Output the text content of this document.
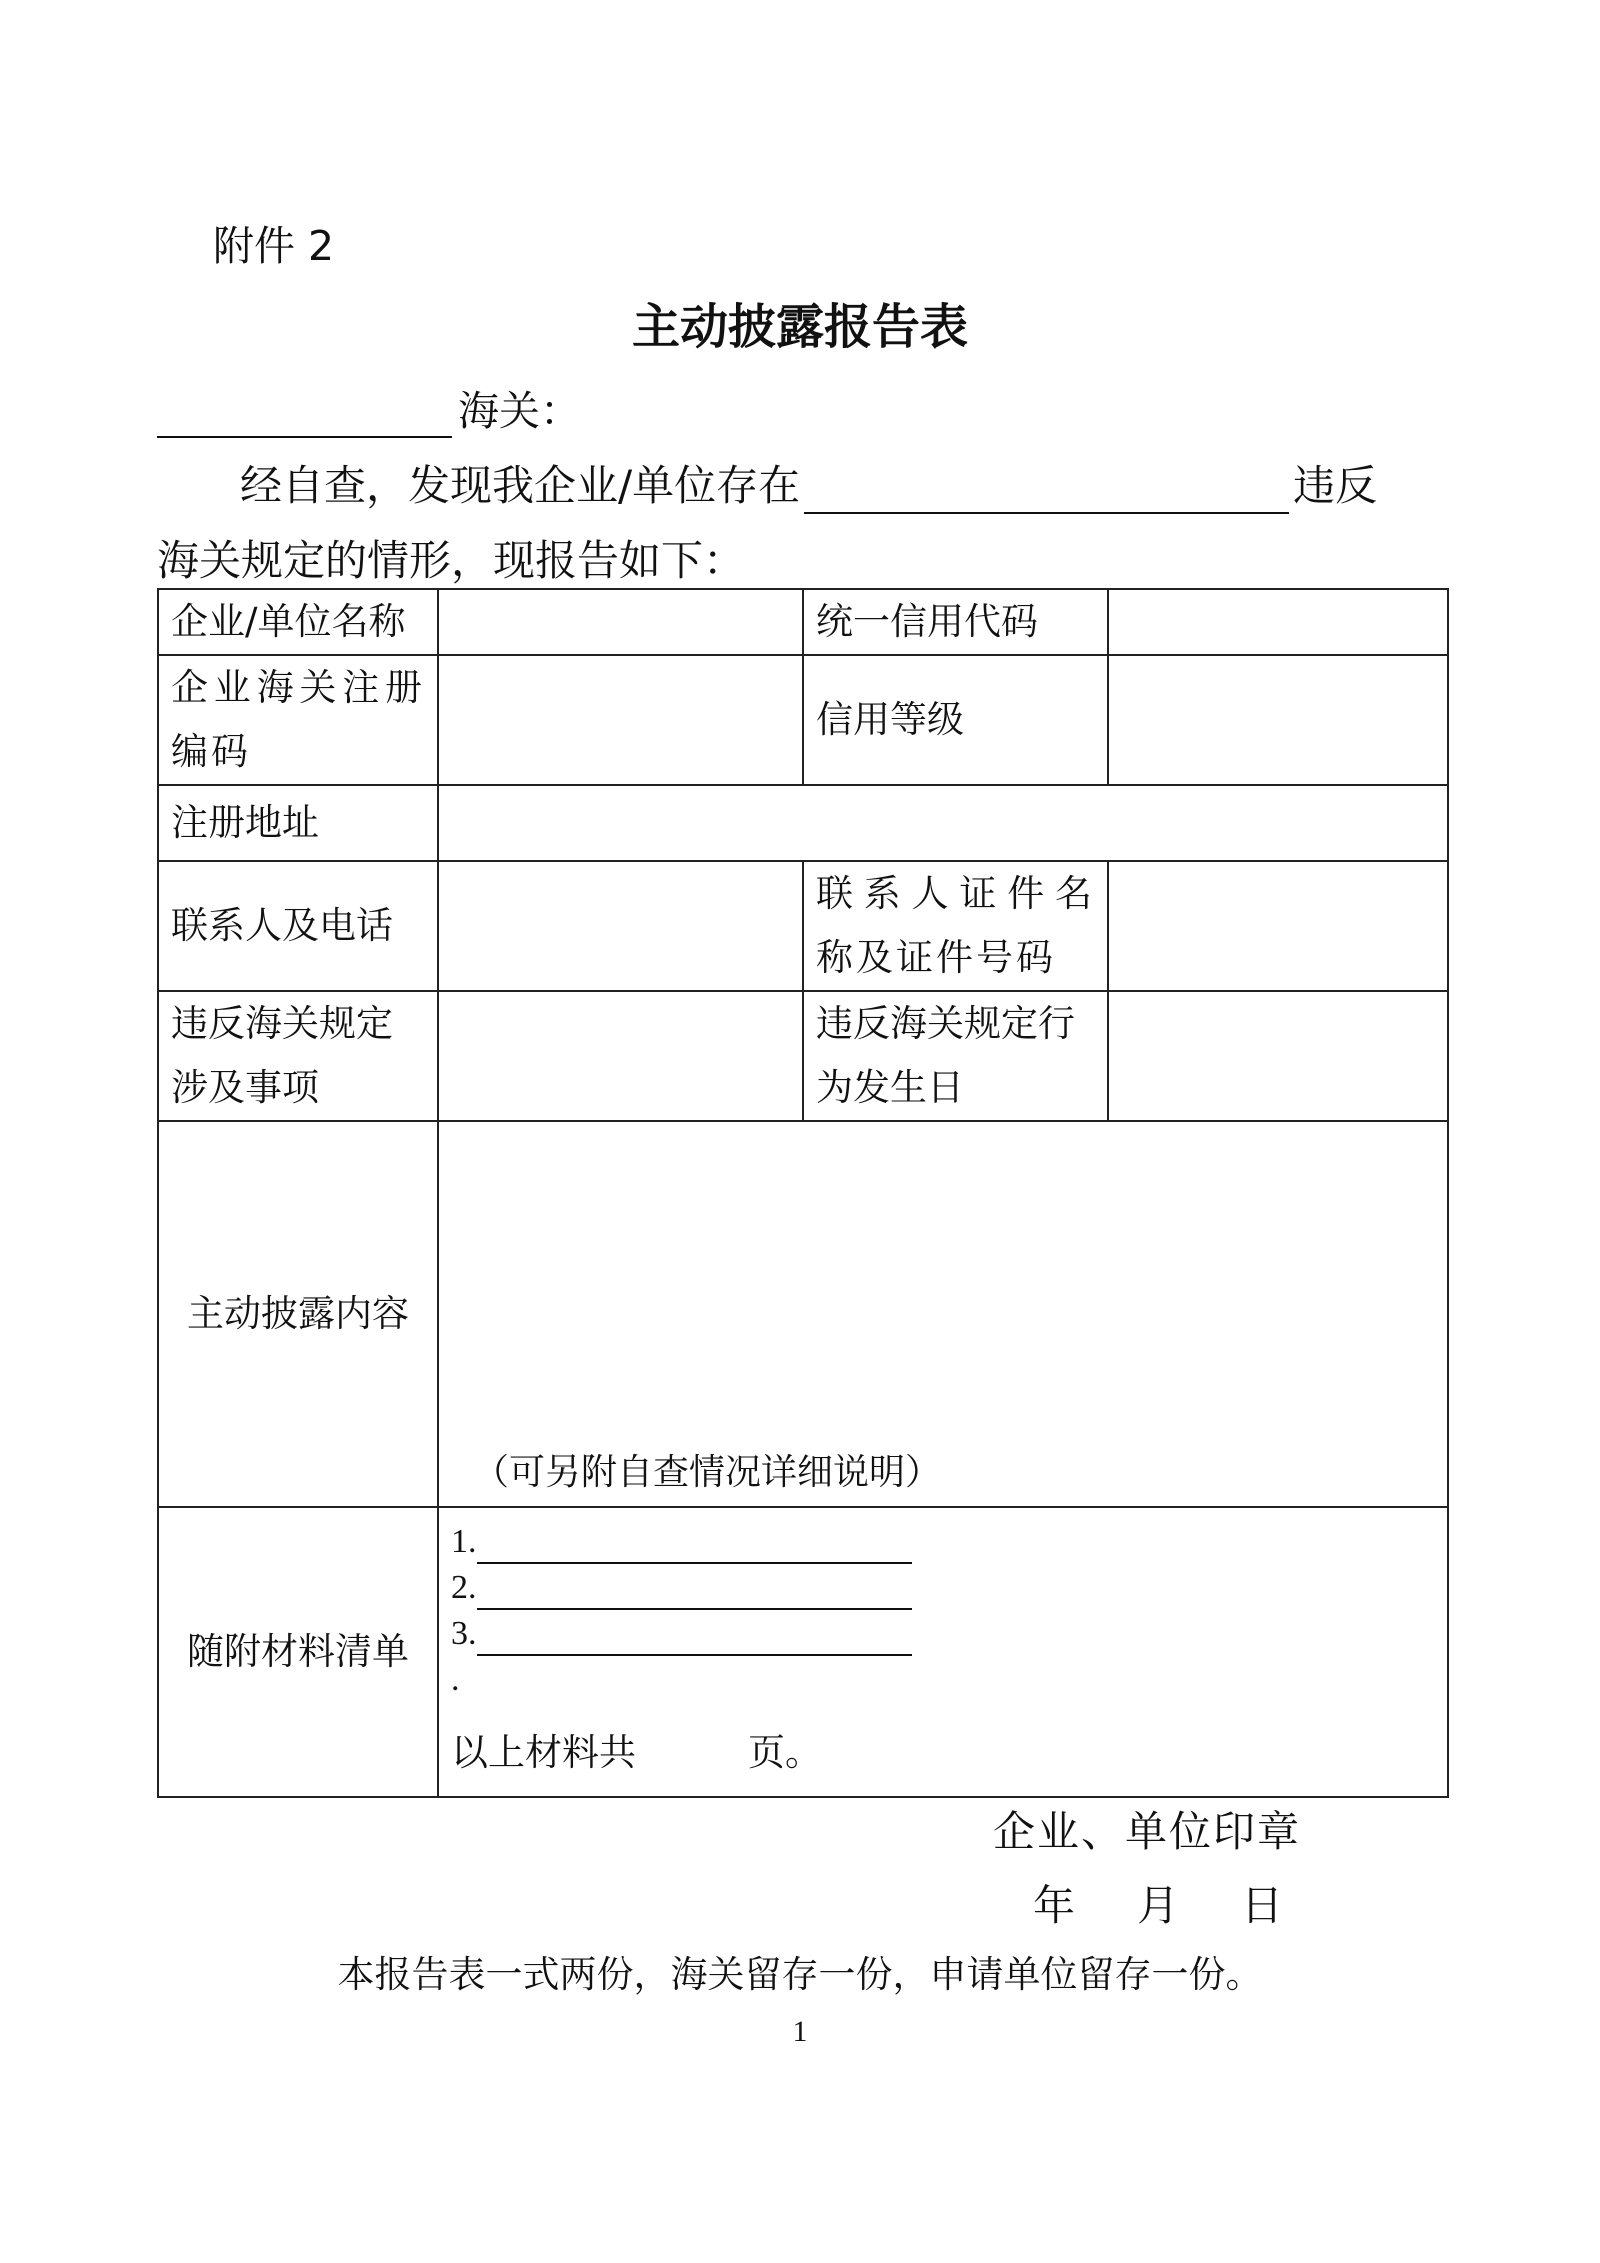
附件 2
主动披露报告表
海关：
经自查，发现我企业/单位存在	违反
海关规定的情形，现报告如下：
企业/单位名称		统一信用代码	
企业海关注册编码		信用等级	
注册地址			
联系人及电话		联系人证件名称及证件号码	
违反海关规定涉及事项		违反海关规定行为发生日	
主动披露内容	（可另附自查情况详细说明）		

随附材料清单	1.
2.
3.
.
以上材料共 页。		
企业、单位印章
年 月 日
本报告表一式两份，海关留存一份，申请单位留存一份。
1
